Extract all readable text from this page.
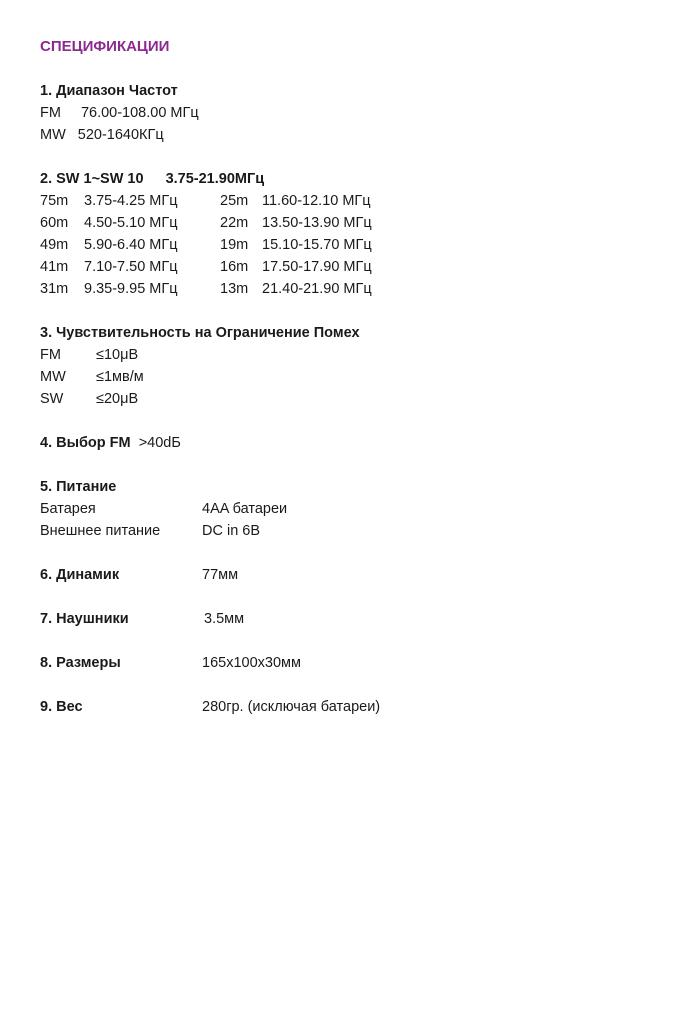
СПЕЦИФИКАЦИИ
1. Диапазон Частот
FM 76.00-108.00 МГц
MW 520-1640КГц
2. SW 1~SW 10 3.75-21.90МГц
75m 3.75-4.25 МГц	25m 11.60-12.10 МГц
60m 4.50-5.10 МГц	22m 13.50-13.90 МГц
49m 5.90-6.40 МГц	19m 15.10-15.70 МГц
41m 7.10-7.50 МГц	16m 17.50-17.90 МГц
31m 9.35-9.95 МГц	13m 21.40-21.90 МГц
3. Чувствительность на Ограничение Помех
FM ≤10μB
MW ≤1мв/м
SW ≤20μB
4. Выбор FM >40dБ
5. Питание
Батарея	4AA батареи
Внешнее питание	DC in 6В
6. Динамик	77мм
7. Наушники	3.5мм
8. Размеры	165x100x30мм
9. Вес	280гр. (исключая батареи)
